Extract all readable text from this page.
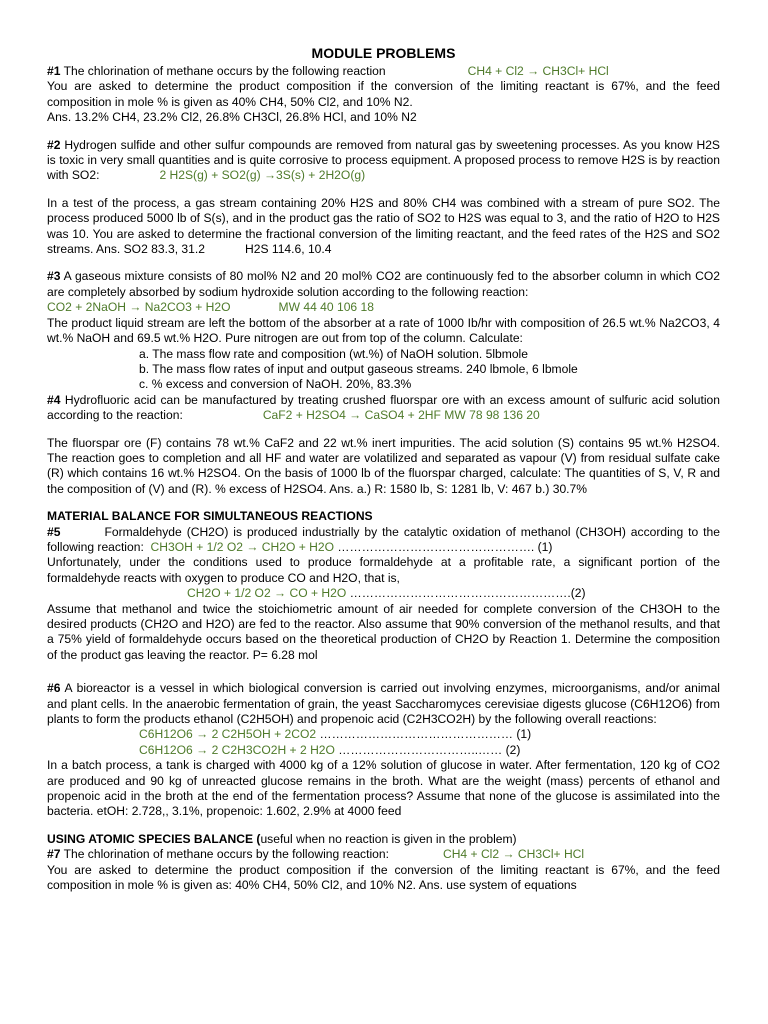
MODULE PROBLEMS

#1 The chlorination of methane occurs by the following reaction	CH4 + Cl2 → CH3Cl+ HCl

You are asked to determine the product composition if the conversion of the limiting reactant is 67%, and the feed composition in mole % is given as 40% CH4, 50% Cl2, and 10% N2.

Ans. 13.2% CH4, 23.2% Cl2, 26.8% CH3Cl, 26.8% HCl, and 10% N2

#2 Hydrogen sulfide and other sulfur compounds are removed from natural gas by sweetening processes. As you know H2S is toxic in very small quantities and is quite corrosive to process equipment. A proposed process to remove H2S is by reaction with SO2:	2 H2S(g) + SO2(g) →3S(s) + 2H2O(g)

In a test of the process, a gas stream containing 20% H2S and 80% CH4 was combined with a stream of pure SO2. The process produced 5000 lb of S(s), and in the product gas the ratio of SO2 to H2S was equal to 3, and the ratio of H2O to H2S was 10. You are asked to determine the fractional conversion of the limiting reactant, and the feed rates of the H2S and SO2 streams. Ans. SO2 83.3, 31.2	H2S 114.6, 10.4

#3 A gaseous mixture consists of 80 mol% N2 and 20 mol% CO2 are continuously fed to the absorber column in which CO2 are completely absorbed by sodium hydroxide solution according to the following reaction:

CO2 + 2NaOH → Na2CO3 + H2O	MW 44 40 106 18

The product liquid stream are left the bottom of the absorber at a rate of 1000 Ib/hr with composition of 26.5 wt.% Na2CO3, 4 wt.% NaOH and 69.5 wt.% H2O. Pure nitrogen are out from top of the column. Calculate:

a. The mass flow rate and composition (wt.%) of NaOH solution. 5lbmole

b. The mass flow rates of input and output gaseous streams. 240 lbmole, 6 lbmole

c. % excess and conversion of NaOH. 20%, 83.3%

#4 Hydrofluoric acid can be manufactured by treating crushed fluorspar ore with an excess amount of sulfuric acid solution according to the reaction:	CaF2 + H2SO4 → CaSO4 + 2HF MW 78 98 136 20

The fluorspar ore (F) contains 78 wt.% CaF2 and 22 wt.% inert impurities. The acid solution (S) contains 95 wt.% H2SO4. The reaction goes to completion and all HF and water are volatilized and separated as vapour (V) from residual sulfate cake (R) which contains 16 wt.% H2SO4. On the basis of 1000 lb of the fluorspar charged, calculate: The quantities of S, V, R and the composition of (V) and (R). % excess of H2SO4. Ans. a.) R: 1580 lb, S: 1281 lb, V: 467 b.) 30.7%

MATERIAL BALANCE FOR SIMULTANEOUS REACTIONS

#5	Formaldehyde (CH2O) is produced industrially by the catalytic oxidation of methanol (CH3OH) according to the following reaction: CH3OH + 1/2 O2 → CH2O + H2O …………………………………………. (1)

Unfortunately, under the conditions used to produce formaldehyde at a profitable rate, a significant portion of the formaldehyde reacts with oxygen to produce CO and H2O, that is,

CH2O + 1/2 O2 → CO + H2O ……………………………………………….(2)

Assume that methanol and twice the stoichiometric amount of air needed for complete conversion of the CH3OH to the desired products (CH2O and H2O) are fed to the reactor. Also assume that 90% conversion of the methanol results, and that a 75% yield of formaldehyde occurs based on the theoretical production of CH2O by Reaction 1. Determine the composition of the product gas leaving the reactor. P= 6.28 mol

#6 A bioreactor is a vessel in which biological conversion is carried out involving enzymes, microorganisms, and/or animal and plant cells. In the anaerobic fermentation of grain, the yeast Saccharomyces cerevisiae digests glucose (C6H12O6) from plants to form the products ethanol (C2H5OH) and propenoic acid (C2H3CO2H) by the following overall reactions:

C6H12O6 → 2 C2H5OH + 2CO2 ………………………………………… (1)

C6H12O6 → 2 C2H3CO2H + 2 H2O ……………………………..…… (2)

In a batch process, a tank is charged with 4000 kg of a 12% solution of glucose in water. After fermentation, 120 kg of CO2 are produced and 90 kg of unreacted glucose remains in the broth. What are the weight (mass) percents of ethanol and propenoic acid in the broth at the end of the fermentation process? Assume that none of the glucose is assimilated into the bacteria. etOH: 2.728,, 3.1%, propenoic: 1.602, 2.9% at 4000 feed

USING ATOMIC SPECIES BALANCE (useful when no reaction is given in the problem)

#7 The chlorination of methane occurs by the following reaction:	CH4 + Cl2 → CH3Cl+ HCl

You are asked to determine the product composition if the conversion of the limiting reactant is 67%, and the feed composition in mole % is given as: 40% CH4, 50% Cl2, and 10% N2. Ans. use system of equations
